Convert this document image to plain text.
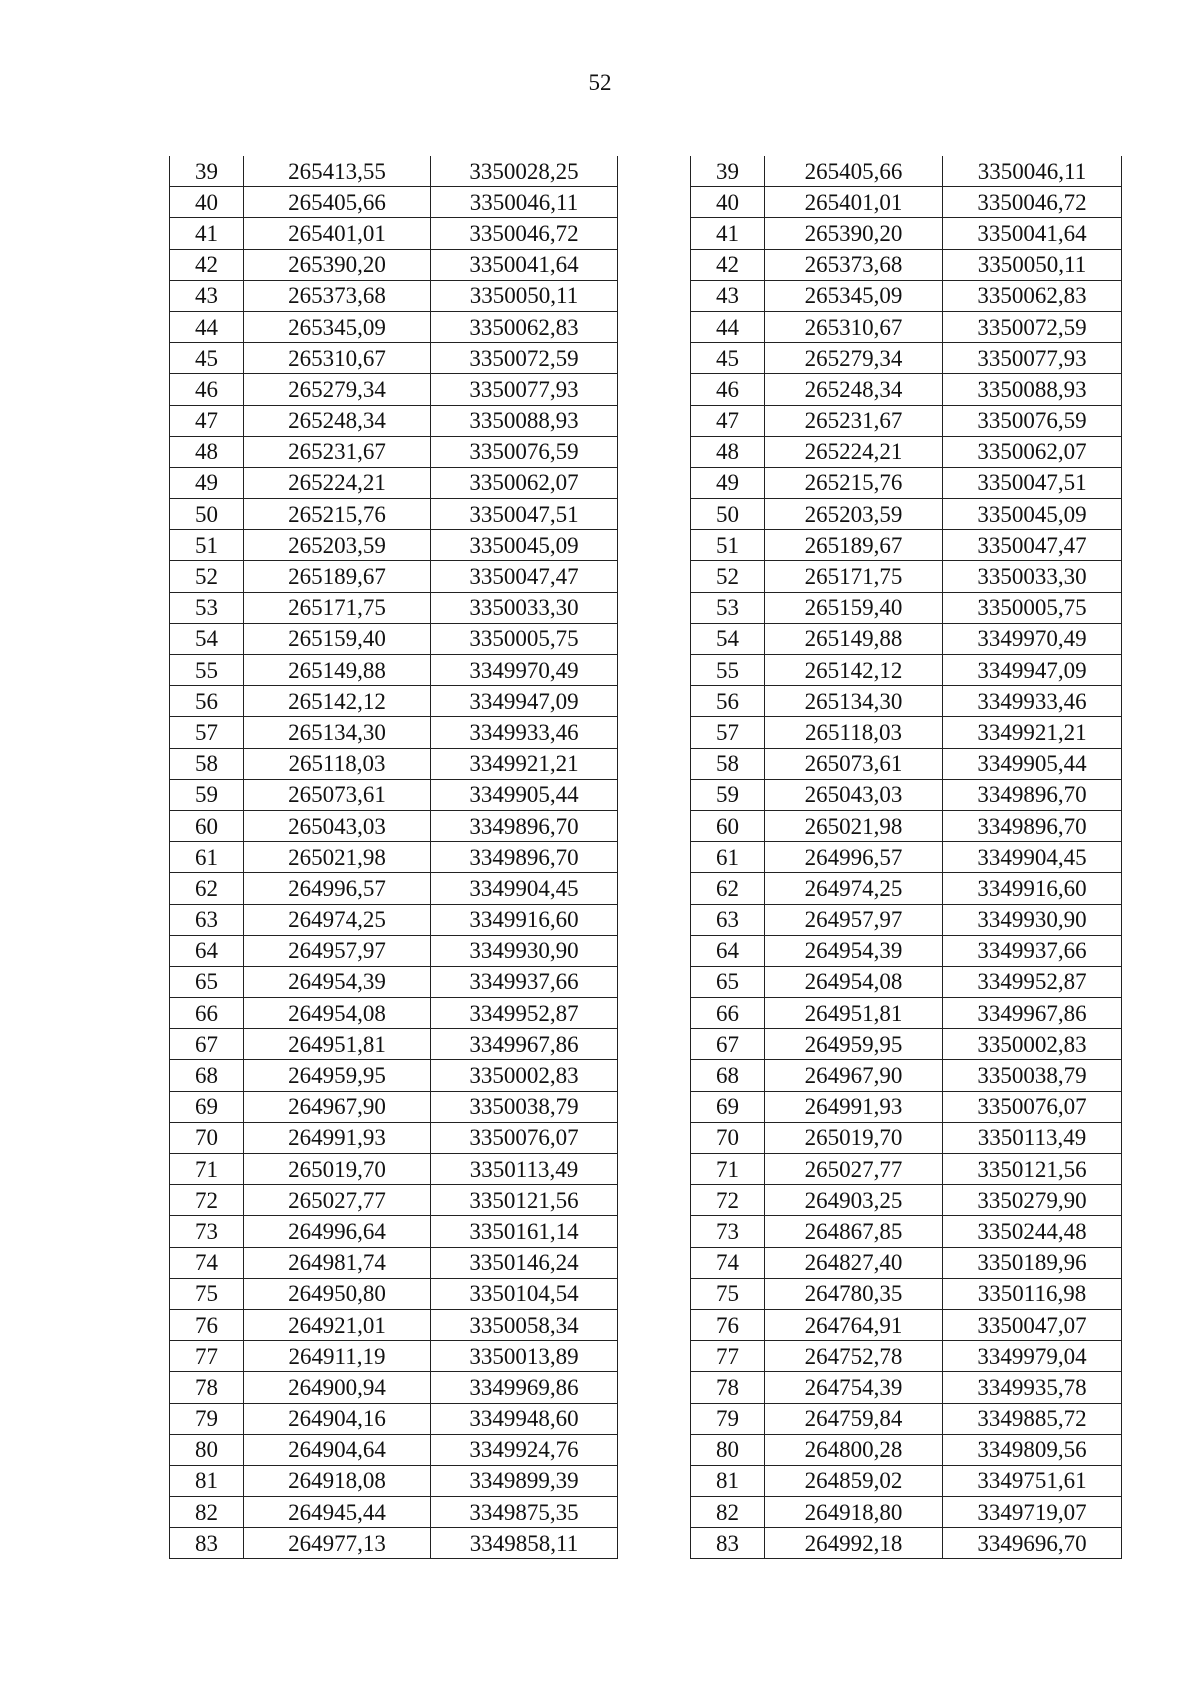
52
39	265413,55	3350028,25
40	265405,66	3350046,11
41	265401,01	3350046,72
42	265390,20	3350041,64
43	265373,68	3350050,11
44	265345,09	3350062,83
45	265310,67	3350072,59
46	265279,34	3350077,93
47	265248,34	3350088,93
48	265231,67	3350076,59
49	265224,21	3350062,07
50	265215,76	3350047,51
51	265203,59	3350045,09
52	265189,67	3350047,47
53	265171,75	3350033,30
54	265159,40	3350005,75
55	265149,88	3349970,49
56	265142,12	3349947,09
57	265134,30	3349933,46
58	265118,03	3349921,21
59	265073,61	3349905,44
60	265043,03	3349896,70
61	265021,98	3349896,70
62	264996,57	3349904,45
63	264974,25	3349916,60
64	264957,97	3349930,90
65	264954,39	3349937,66
66	264954,08	3349952,87
67	264951,81	3349967,86
68	264959,95	3350002,83
69	264967,90	3350038,79
70	264991,93	3350076,07
71	265019,70	3350113,49
72	265027,77	3350121,56
73	264996,64	3350161,14
74	264981,74	3350146,24
75	264950,80	3350104,54
76	264921,01	3350058,34
77	264911,19	3350013,89
78	264900,94	3349969,86
79	264904,16	3349948,60
80	264904,64	3349924,76
81	264918,08	3349899,39
82	264945,44	3349875,35
83	264977,13	3349858,11
39	265405,66	3350046,11
40	265401,01	3350046,72
41	265390,20	3350041,64
42	265373,68	3350050,11
43	265345,09	3350062,83
44	265310,67	3350072,59
45	265279,34	3350077,93
46	265248,34	3350088,93
47	265231,67	3350076,59
48	265224,21	3350062,07
49	265215,76	3350047,51
50	265203,59	3350045,09
51	265189,67	3350047,47
52	265171,75	3350033,30
53	265159,40	3350005,75
54	265149,88	3349970,49
55	265142,12	3349947,09
56	265134,30	3349933,46
57	265118,03	3349921,21
58	265073,61	3349905,44
59	265043,03	3349896,70
60	265021,98	3349896,70
61	264996,57	3349904,45
62	264974,25	3349916,60
63	264957,97	3349930,90
64	264954,39	3349937,66
65	264954,08	3349952,87
66	264951,81	3349967,86
67	264959,95	3350002,83
68	264967,90	3350038,79
69	264991,93	3350076,07
70	265019,70	3350113,49
71	265027,77	3350121,56
72	264903,25	3350279,90
73	264867,85	3350244,48
74	264827,40	3350189,96
75	264780,35	3350116,98
76	264764,91	3350047,07
77	264752,78	3349979,04
78	264754,39	3349935,78
79	264759,84	3349885,72
80	264800,28	3349809,56
81	264859,02	3349751,61
82	264918,80	3349719,07
83	264992,18	3349696,70
